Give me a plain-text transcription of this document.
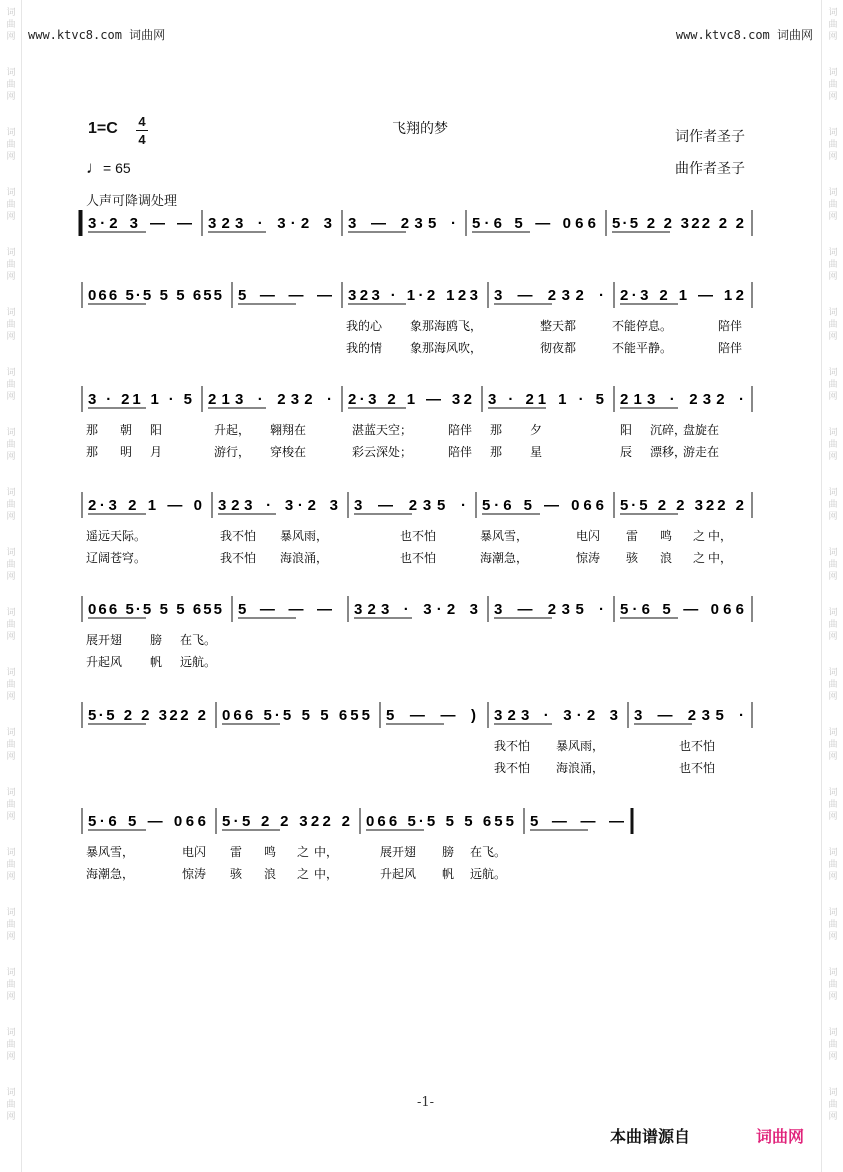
词
曲
网
词
曲
网
词
曲
网
词
曲
网
词
曲
网
词
曲
网
词
曲
网
词
曲
网
词
曲
网
词
曲
网
词
曲
网
词
曲
网
词
曲
网
词
曲
网
词
曲
网
词
曲
网
词
曲
网
词
曲
网
词
曲
网
词
曲
网
词
曲
网
词
曲
网
词
曲
网
词
曲
网
词
曲
网
词
曲
网
词
曲
网
词
曲
网
词
曲
网
词
曲
网
词
曲
网
词
曲
网
词
曲
网
词
曲
网
词
曲
网
词
曲
网
词
曲
网
词
曲
网
www.ktvc8.com 词曲网	www.ktvc8.com 词曲网
1=C 4
4
♩= 65
飞翔的梦	词作者圣子
曲作者圣子
人声可降调处理
3·2 3 — — 323 · 3·2 3 3 — 235 · 5·6 5 — 066 5·5 2 2 322 2 2
066 5·5 5 5 655 5 — — — 323 · 1·2 123 3 — 232 · 2·3 2 1 — 12
我的心 象那海鸥飞，	整天都	不能停息。	陪伴
我的情 象那海风吹，	彻夜都	不能平静。	陪伴
3 · 21 1 · 5 213 · 232 · 2·3 2 1 — 32 3 · 21 1 · 5 213 · 232 ·
那 朝 阳	升起， 翱翔在	湛蓝天空；	陪伴 那 夕	阳 沉碎，
盘旋在
那 明 月	游行， 穿梭在	彩云深处；	陪伴 那 星	辰 漂移，
游走在
2·3 2 1 — 0 323 · 3·2 3 3 — 235 · 5·6 5 — 066 5·5 2 2 322 2
遥远天际。	我不怕 暴风雨，	也不怕	暴风雪，	电闪 雷 鸣 之 中，
辽阔苍穹。	我不怕 海浪涌，	也不怕	海潮急，	惊涛 骇 浪 之 中，
066 5·5 5 5 655 5 — — — 323 · 3·2 3 3 — 235 · 5·6 5 — 066
展开翅 膀 在飞。
升起风 帆 远航。
5·5 2 2 322 2 066 5·5 5 5 655 5 — — ) 323 · 3·2 3 3 — 235 ·
我不怕 暴风雨，	也不怕
我不怕 海浪涌，	也不怕
5·6 5 — 066 5·5 2 2 322 2 066 5·5 5 5 655 5 — — —
暴风雪，	电闪 雷 鸣 之 中，	展开翅 膀 在飞。
海潮急，	惊涛 骇 浪 之 中，	升起风 帆 远航。
-1-
本曲谱源自	词曲网
